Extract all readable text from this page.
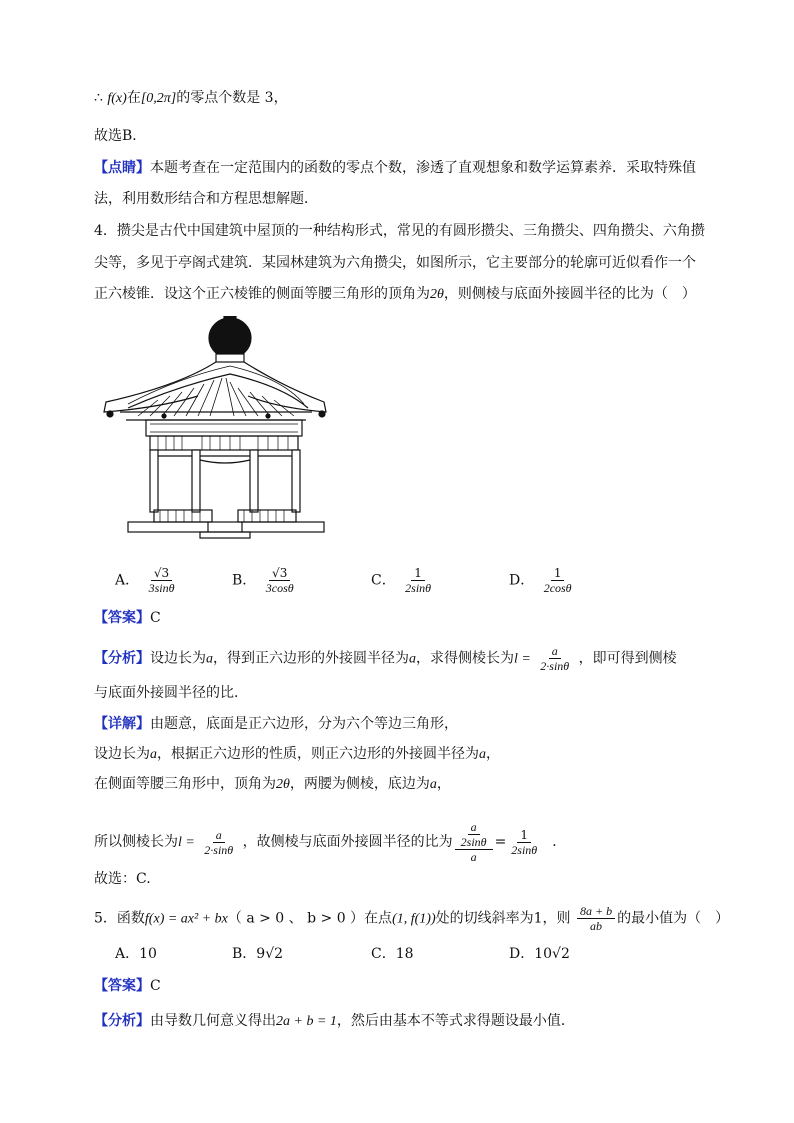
∴ f(x)在[0,2π]的零点个数是 3，
故选B．
【点睛】本题考查在一定范围内的函数的零点个数，渗透了直观想象和数学运算素养．采取特殊值
法，利用数形结合和方程思想解题．
4．攒尖是古代中国建筑中屋顶的一种结构形式，常见的有圆形攒尖、三角攒尖、四角攒尖、六角攒
尖等，多见于亭阁式建筑．某园林建筑为六角攒尖，如图所示，它主要部分的轮廓可近似看作一个
正六棱锥．设这个正六棱锥的侧面等腰三角形的顶角为2θ，则侧棱与底面外接圆半径的比为（　）
A． $\frac{√3}{3\sin\theta}$	B． $\frac{√3}{3\cos\theta}$	C． $\frac{1}{2\sin\theta}$	D． $\frac{1}{2\cos\theta}$
【答案】C
【分析】设边长为a，得到正六边形的外接圆半径为a，求得侧棱长为$l = \frac{a}{2\cdot\sin\theta}$ ，即可得到侧棱
与底面外接圆半径的比．
【详解】由题意，底面是正六边形，分为六个等边三角形，
设边长为a，根据正六边形的性质，则正六边形的外接圆半径为a，
在侧面等腰三角形中，顶角为2θ，两腰为侧棱，底边为a，
所以侧棱长为$l = \frac{a}{2\cdot\sin\theta}$ ，故侧棱与底面外接圆半径的比为 $\frac{\frac{a}{2\sin\theta}}{a} = \frac{1}{2\sin\theta}$ ．
故选：C.
5．函数f(x) = ax² + bx（ a > 0 、 b > 0 ）在点(1, f(1))处的切线斜率为1，则 $\frac{8a + b}{ab}$ 的最小值为（　）
A．10	B．9√2	C．18	D．10√2
【答案】C
【分析】由导数几何意义得出2a + b = 1，然后由基本不等式求得题设最小值．
